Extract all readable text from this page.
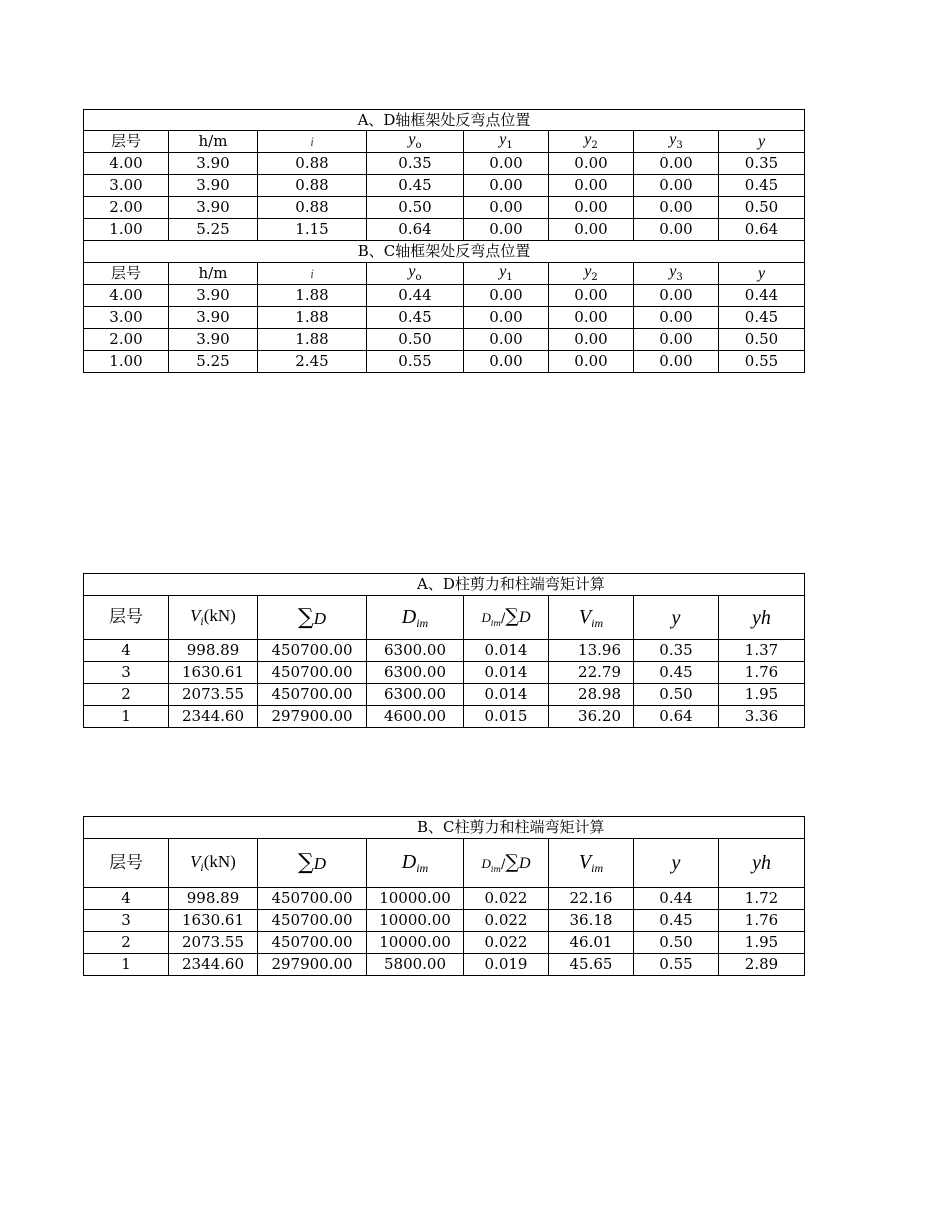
A、D轴框架处反弯点位置							
层号	h/m	i	$y_o$	$y_1$	$y_2$	$y_3$	y
4.00	3.90	0.88	0.35	0.00	0.00	0.00	0.35
3.00	3.90	0.88	0.45	0.00	0.00	0.00	0.45
2.00	3.90	0.88	0.50	0.00	0.00	0.00	0.50
1.00	5.25	1.15	0.64	0.00	0.00	0.00	0.64
B、C轴框架处反弯点位置							
层号	h/m	i	$y_o$	$y_1$	$y_2$	$y_3$	y
4.00	3.90	1.88	0.44	0.00	0.00	0.00	0.44
3.00	3.90	1.88	0.45	0.00	0.00	0.00	0.45
2.00	3.90	1.88	0.50	0.00	0.00	0.00	0.50
1.00	5.25	2.45	0.55	0.00	0.00	0.00	0.55
A、D柱剪力和柱端弯矩计算							
层号	$V_i(kN)$	∑D	$D_{im}$	$D_{im}/\sum D$	$V_{im}$	y	yh
4	998.89	450700.00	6300.00	0.014	13.96	0.35	1.37
3	1630.61	450700.00	6300.00	0.014	22.79	0.45	1.76
2	2073.55	450700.00	6300.00	0.014	28.98	0.50	1.95
1	2344.60	297900.00	4600.00	0.015	36.20	0.64	3.36
B、C柱剪力和柱端弯矩计算							
层号	$V_i(kN)$	∑D	$D_{im}$	$D_{im}/\sum D$	$V_{im}$	y	yh
4	998.89	450700.00	10000.00	0.022	22.16	0.44	1.72
3	1630.61	450700.00	10000.00	0.022	36.18	0.45	1.76
2	2073.55	450700.00	10000.00	0.022	46.01	0.50	1.95
1	2344.60	297900.00	5800.00	0.019	45.65	0.55	2.89
